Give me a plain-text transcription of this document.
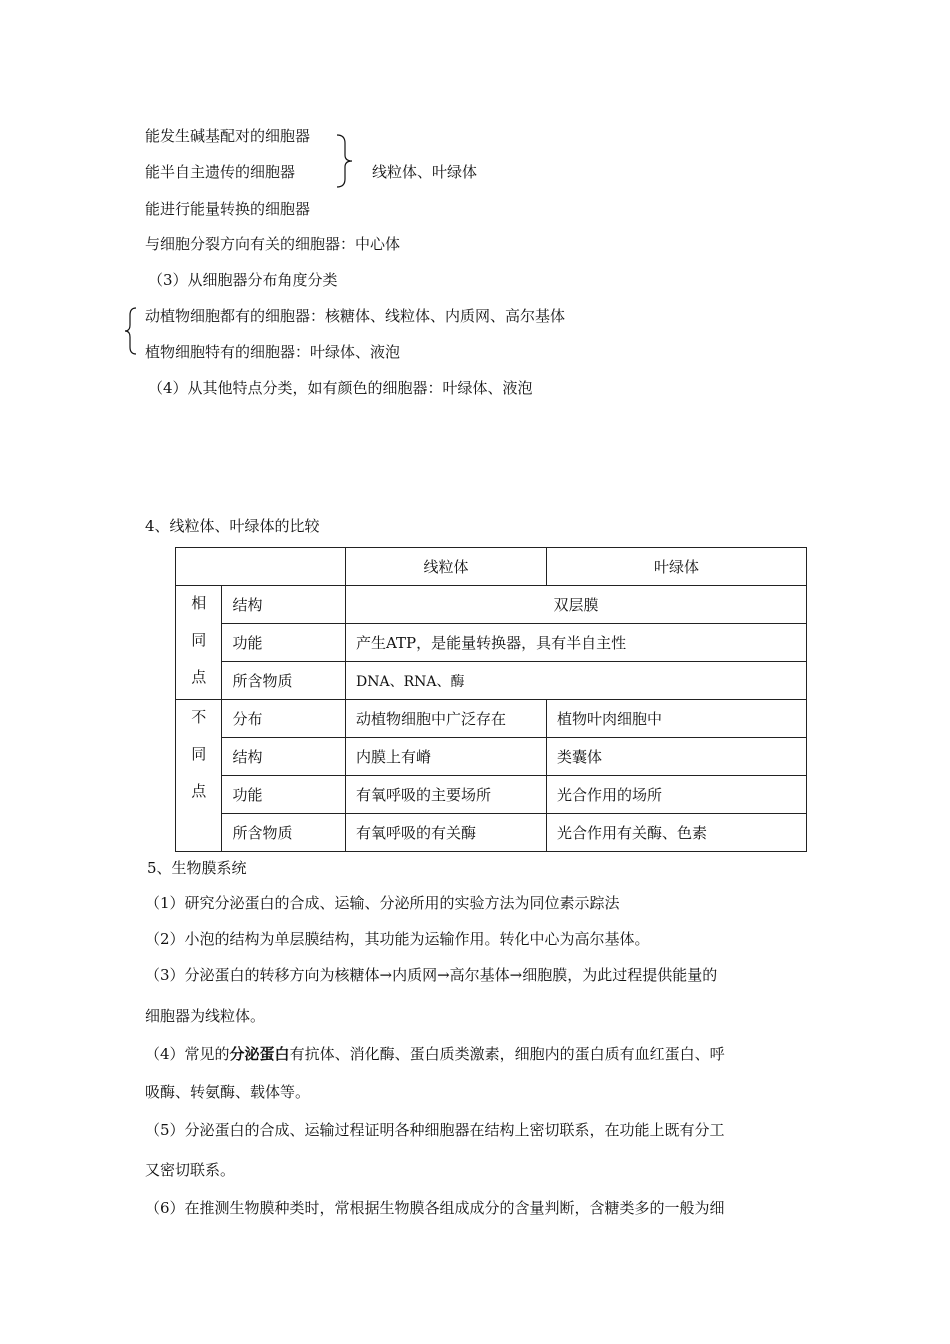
能发生碱基配对的细胞器
能半自主遗传的细胞器	线粒体、叶绿体
能进行能量转换的细胞器
与细胞分裂方向有关的细胞器：中心体
（3）从细胞器分布角度分类
动植物细胞都有的细胞器：核糖体、线粒体、内质网、高尔基体
植物细胞特有的细胞器：叶绿体、液泡
（4）从其他特点分类，如有颜色的细胞器：叶绿体、液泡
4、线粒体、叶绿体的比较
		线粒体	叶绿体

相
同
点	结构	双层膜	
	功能	产生ATP，是能量转换器，具有半自主性	
	所含物质	DNA、RNA、酶	

不
同
点	分布	动植物细胞中广泛存在	植物叶肉细胞中
	结构	内膜上有嵴	类囊体
	功能	有氧呼吸的主要场所	光合作用的场所
	所含物质	有氧呼吸的有关酶	光合作用有关酶、色素
5、生物膜系统
（1）研究分泌蛋白的合成、运输、分泌所用的实验方法为同位素示踪法
（2）小泡的结构为单层膜结构，其功能为运输作用。转化中心为高尔基体。
（3）分泌蛋白的转移方向为核糖体→内质网→高尔基体→细胞膜，为此过程提供能量的
细胞器为线粒体。
（4）常见的分泌蛋白有抗体、消化酶、蛋白质类激素，细胞内的蛋白质有血红蛋白、呼
吸酶、转氨酶、载体等。
（5）分泌蛋白的合成、运输过程证明各种细胞器在结构上密切联系，在功能上既有分工
又密切联系。
（6）在推测生物膜种类时，常根据生物膜各组成成分的含量判断，含糖类多的一般为细
